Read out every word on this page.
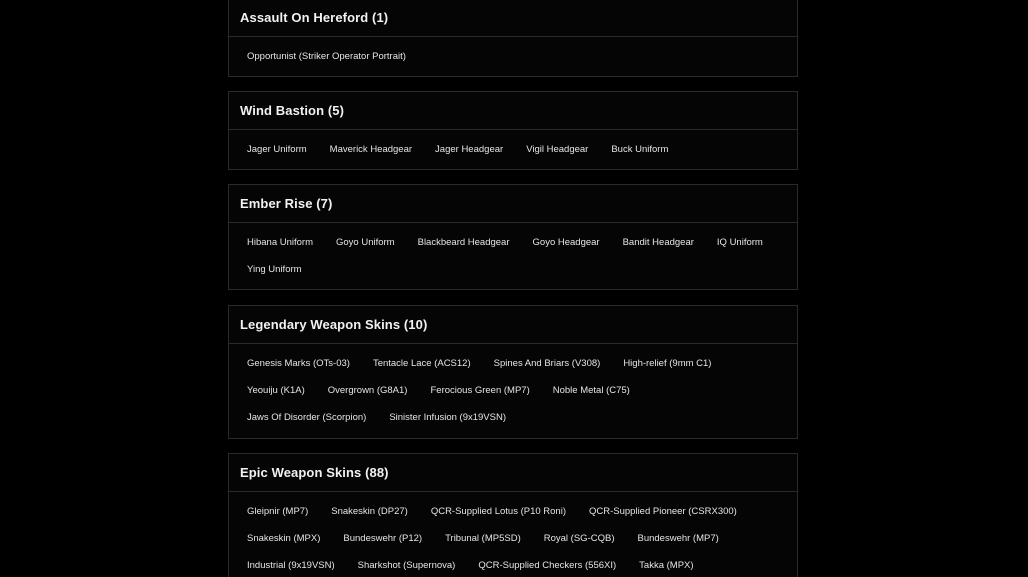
Assault On Hereford (1)
Opportunist (Striker Operator Portrait)
Wind Bastion (5)
Jager Uniform	Maverick Headgear	Jager Headgear	Vigil Headgear	Buck Uniform
Ember Rise (7)
Hibana Uniform	Goyo Uniform	Blackbeard Headgear	Goyo Headgear	Bandit Headgear	IQ Uniform
Ying Uniform
Legendary Weapon Skins (10)
Genesis Marks (OTs-03)	Tentacle Lace (ACS12)	Spines And Briars (V308)	High-relief (9mm C1)
Yeouiju (K1A)	Overgrown (G8A1)	Ferocious Green (MP7)	Noble Metal (C75)
Jaws Of Disorder (Scorpion)	Sinister Infusion (9x19VSN)
Epic Weapon Skins (88)
Gleipnir (MP7)	Snakeskin (DP27)	QCR-Supplied Lotus (P10 Roni)	QCR-Supplied Pioneer (CSRX300)
Snakeskin (MPX)	Bundeswehr (P12)	Tribunal (MP5SD)	Royal (SG-CQB)	Bundeswehr (MP7)
Industrial (9x19VSN)	Sharkshot (Supernova)	QCR-Supplied Checkers (556XI)	Takka (MPX)
